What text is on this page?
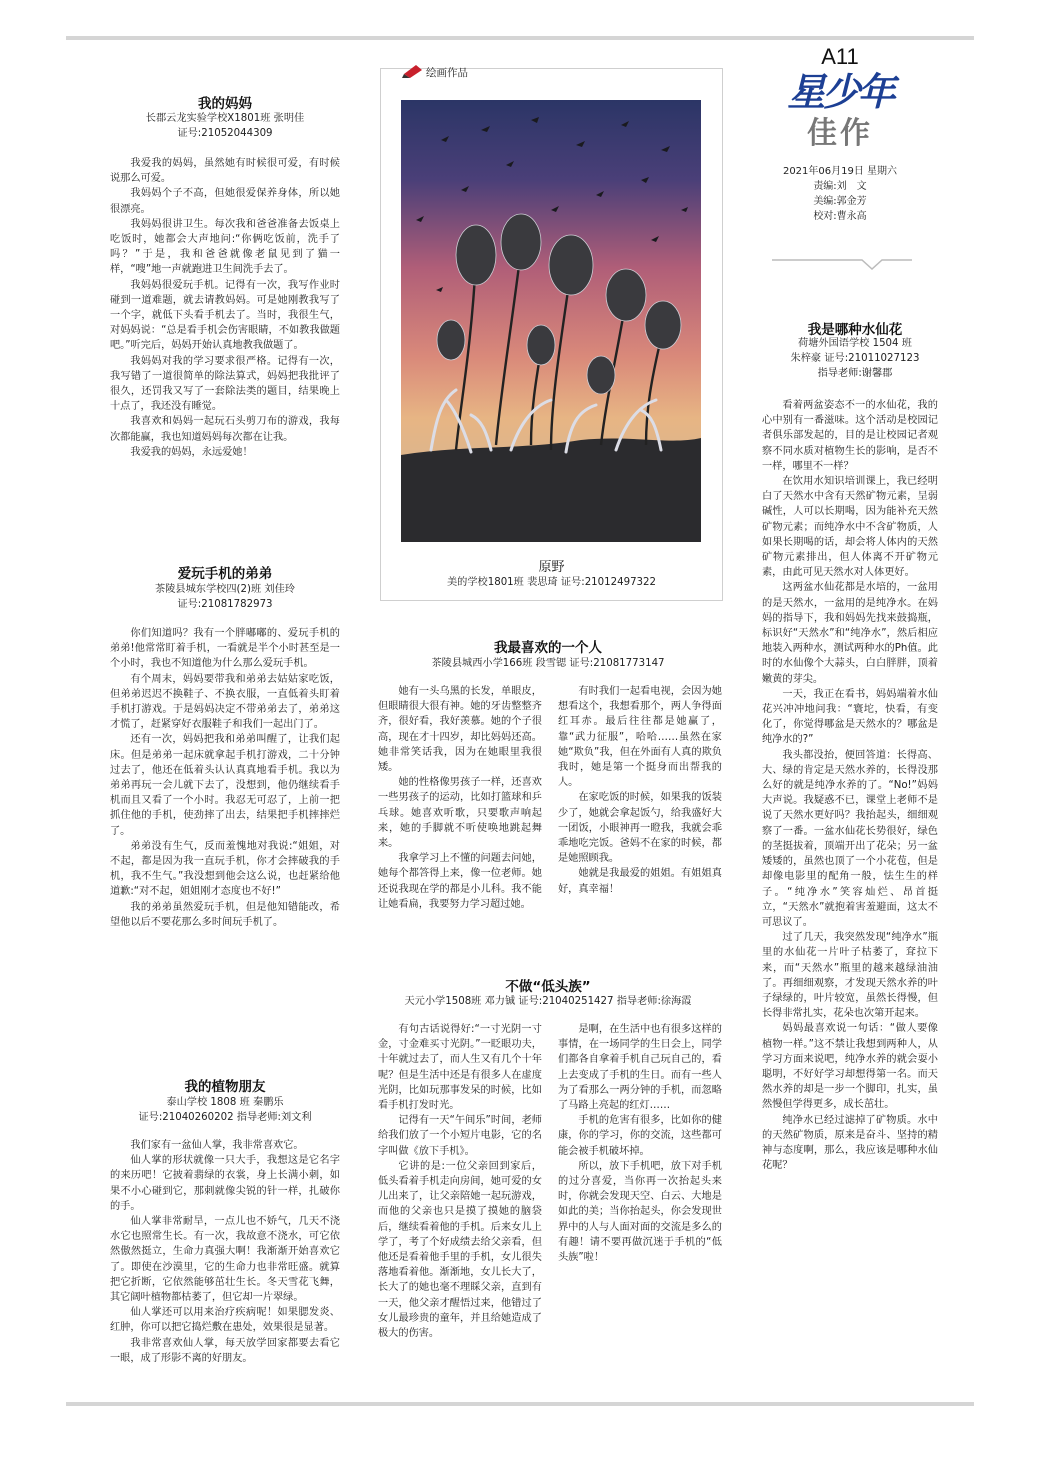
A11
星少年
佳作
2021年06月19日 星期六
责编:刘　文
美编:郭金芳
校对:曹永高
我的妈妈
长郡云龙实验学校X1801班 张明佳
证号:21052044309

我爱我的妈妈，虽然她有时候很可爱，有时候说那么可爱。

我妈妈个子不高，但她很爱保养身体，所以她很漂亮。

我妈妈很讲卫生。每次我和爸爸准备去饭桌上吃饭时，她都会大声地问:“你俩吃饭前，洗手了吗？”于是，我和爸爸就像老鼠见到了猫一样，“嗖”地一声就跑进卫生间洗手去了。

我妈妈很爱玩手机。记得有一次，我写作业时碰到一道难题，就去请教妈妈。可是她刚教我写了一个字，就低下头看手机去了。当时，我很生气，对妈妈说：“总是看手机会伤害眼睛，不如教我做题吧。”听完后，妈妈开始认真地教我做题了。

我妈妈对我的学习要求很严格。记得有一次，我写错了一道很简单的除法算式，妈妈把我批评了很久，还罚我又写了一套除法类的题目，结果晚上十点了，我还没有睡觉。

我喜欢和妈妈一起玩石头剪刀布的游戏，我每次都能赢，我也知道妈妈每次都在让我。

我爱我的妈妈，永远爱她！

爱玩手机的弟弟
茶陵县城东学校四(2)班 刘佳玲
证号:21081782973

你们知道吗？我有一个胖嘟嘟的、爱玩手机的弟弟!他常常盯着手机，一看就是半个小时甚至是一个小时，我也不知道他为什么那么爱玩手机。

有个周末，妈妈要带我和弟弟去姑姑家吃饭，但弟弟迟迟不换鞋子、不换衣服，一直低着头盯着手机打游戏。于是妈妈决定不带弟弟去了，弟弟这才慌了，赶紧穿好衣服鞋子和我们一起出门了。

还有一次，妈妈把我和弟弟叫醒了，让我们起床。但是弟弟一起床就拿起手机打游戏，二十分钟过去了，他还在低着头认认真真地看手机。我以为弟弟再玩一会儿就下去了，没想到，他仍继续看手机而且又看了一个小时。我忍无可忍了，上前一把抓住他的手机，使劲摔了出去，结果把手机摔摔烂了。

弟弟没有生气，反而羞愧地对我说:“姐姐，对不起，都是因为我一直玩手机，你才会摔破我的手机，我不生气。”我没想到他会这么说，也赶紧给他道歉:“对不起，姐姐刚才态度也不好!”

我的弟弟虽然爱玩手机，但是他知错能改，希望他以后不要花那么多时间玩手机了。

我的植物朋友
泰山学校 1808 班 秦鹏乐
证号:21040260202 指导老师:刘文利

我们家有一盆仙人掌，我非常喜欢它。

仙人掌的形状就像一只大手，我想这是它名字的来历吧！它披着翡绿的衣裳，身上长满小刺，如果不小心碰到它，那刺就像尖锐的针一样，扎破你的手。

仙人掌非常耐旱，一点儿也不娇气，几天不浇水它也照常生长。有一次，我故意不浇水，可它依然傲然挺立，生命力真强大啊！我渐渐开始喜欢它了。即使在沙漠里，它的生命力也非常旺盛。就算把它折断，它依然能够茁壮生长。冬天雪花飞舞，其它阔叶植物都枯萎了，但它却一片翠绿。

仙人掌还可以用来治疗疾病呢！如果腮发炎、红肿，你可以把它捣烂敷在患处，效果很是显著。

我非常喜欢仙人掌，每天放学回家都要去看它一眼，成了形影不离的好朋友。

绘画作品
原野
美的学校1801班 裴思琦 证号:21012497322
我最喜欢的一个人
茶陵县城西小学166班 段雪锶 证号:21081773147

她有一头乌黑的长发，单眼皮，但眼睛很大很有神。她的牙齿整整齐齐，很好看，我好羡慕。她的个子很高，现在才十四岁，却比妈妈还高。她非常笑话我，因为在她眼里我很矮。

她的性格像男孩子一样，还喜欢一些男孩子的运动，比如打篮球和乒乓球。她喜欢听歌，只要歌声响起来，她的手脚就不听使唤地跳起舞来。

我拿学习上不懂的问题去问她，她每个都答得上来，像一位老师。她还说我现在学的都是小儿科。我不能让她看扁，我要努力学习超过她。

有时我们一起看电视，会因为她想看这个，我想看那个，两人争得面红耳赤。最后往往都是她赢了，靠“武力征服”，哈哈……虽然在家她“欺负”我，但在外面有人真的欺负我时，她是第一个挺身而出帮我的人。

在家吃饭的时候，如果我的饭装少了，她就会拿起饭勺，给我盛好大一团饭，小眼神再一瞪我，我就会乖乖地吃完饭。爸妈不在家的时候，都是她照顾我。

她就是我最爱的姐姐。有姐姐真好，真幸福！

不做“低头族”
天元小学1508班 邓力铖 证号:21040251427 指导老师:徐海霞

有句古话说得好:“一寸光阴一寸金，寸金难买寸光阴。”一眨眼功夫，十年就过去了，而人生又有几个十年呢？但是生活中还是有很多人在虚度光阴，比如玩那事发呆的时候，比如看手机打发时光。

记得有一天“午间乐”时间，老师给我们放了一个小短片电影，它的名字叫做《放下手机》。

它讲的是:一位父亲回到家后，低头看着手机走向房间，她可爱的女儿出来了，让父亲陪她一起玩游戏，而他的父亲也只是摸了摸她的脑袋后，继续看着他的手机。后来女儿上学了，考了个好成绩去给父亲看，但他还是看着他手里的手机，女儿很失落地看着他。渐渐地，女儿长大了，长大了的她也毫不理睬父亲，直到有一天，他父亲才醒悟过来，他错过了女儿最珍贵的童年，并且给她造成了极大的伤害。

是啊，在生活中也有很多这样的事情，在一场同学的生日会上，同学们都各自拿着手机自己玩自己的，看上去变成了手机的生日。而有一些人为了看那么一两分钟的手机，而忽略了马路上亮起的红灯……

手机的危害有很多，比如你的健康，你的学习，你的交流，这些都可能会被手机破坏掉。

所以，放下手机吧，放下对手机的过分喜爱，当你再一次抬起头来时，你就会发现天空、白云、大地是如此的美；当你抬起头，你会发现世界中的人与人面对面的交流是多么的有趣！请不要再做沉迷于手机的“低头族”啦！

我是哪种水仙花
荷塘外国语学校 1504 班
朱梓豪 证号:21011027123
指导老师:谢馨郡

看着两盆姿态不一的水仙花，我的心中别有一番滋味。这个活动是校园记者俱乐部发起的，目的是让校园记者观察不同水质对植物生长的影响，是否不一样，哪里不一样？

在饮用水知识培训课上，我已经明白了天然水中含有天然矿物元素，呈弱碱性，人可以长期喝，因为能补充天然矿物元素；而纯净水中不含矿物质，人如果长期喝的话，却会将人体内的天然矿物元素排出，但人体离不开矿物元素，由此可见天然水对人体更好。

这两盆水仙花都是水培的，一盆用的是天然水，一盆用的是纯净水。在妈妈的指导下，我和妈妈先找来鼓捣瓶，标识好“天然水”和“纯净水”，然后相应地装入两种水，测试两种水的Ph值。此时的水仙像个大蒜头，白白胖胖，顶着嫩黄的芽尖。

一天，我正在看书，妈妈端着水仙花兴冲冲地问我：“寰坨，快看，有变化了，你觉得哪盆是天然水的？哪盆是纯净水的?”

我头都没抬，便回答道：长得高、大、绿的肯定是天然水养的，长得没那么好的就是纯净水养的了。“No!”妈妈大声说。我疑惑不已，课堂上老师不是说了天然水更好吗？我抬起头，细细观察了一番。一盆水仙花长势很好，绿色的茎挺拔着，顶端开出了花朵；另一盆矮矮的，虽然也顶了一个小花苞，但是却像电影里的配角一般，怯生生的样子。“纯净水”笑容灿烂、昂首挺立，“天然水”就抱着害羞避面，这太不可思议了。

过了几天，我突然发现“纯净水”瓶里的水仙花一片叶子枯萎了，耷拉下来，而“天然水”瓶里的越来越绿油油了。再细细观察，才发现天然水养的叶子绿绿的，叶片较宽，虽然长得慢，但长得非常扎实，花朵也次第开起来。

妈妈最喜欢说一句话：“做人要像植物一样。”这不禁让我想到两种人，从学习方面来说吧，纯净水养的就会耍小聪明，不好好学习却想得第一名。而天然水养的却是一步一个脚印，扎实，虽然慢但学得更多，成长茁壮。

纯净水已经过滤掉了矿物质。水中的天然矿物质，原来是奋斗、坚持的精神与态度啊，那么，我应该是哪种水仙花呢？
